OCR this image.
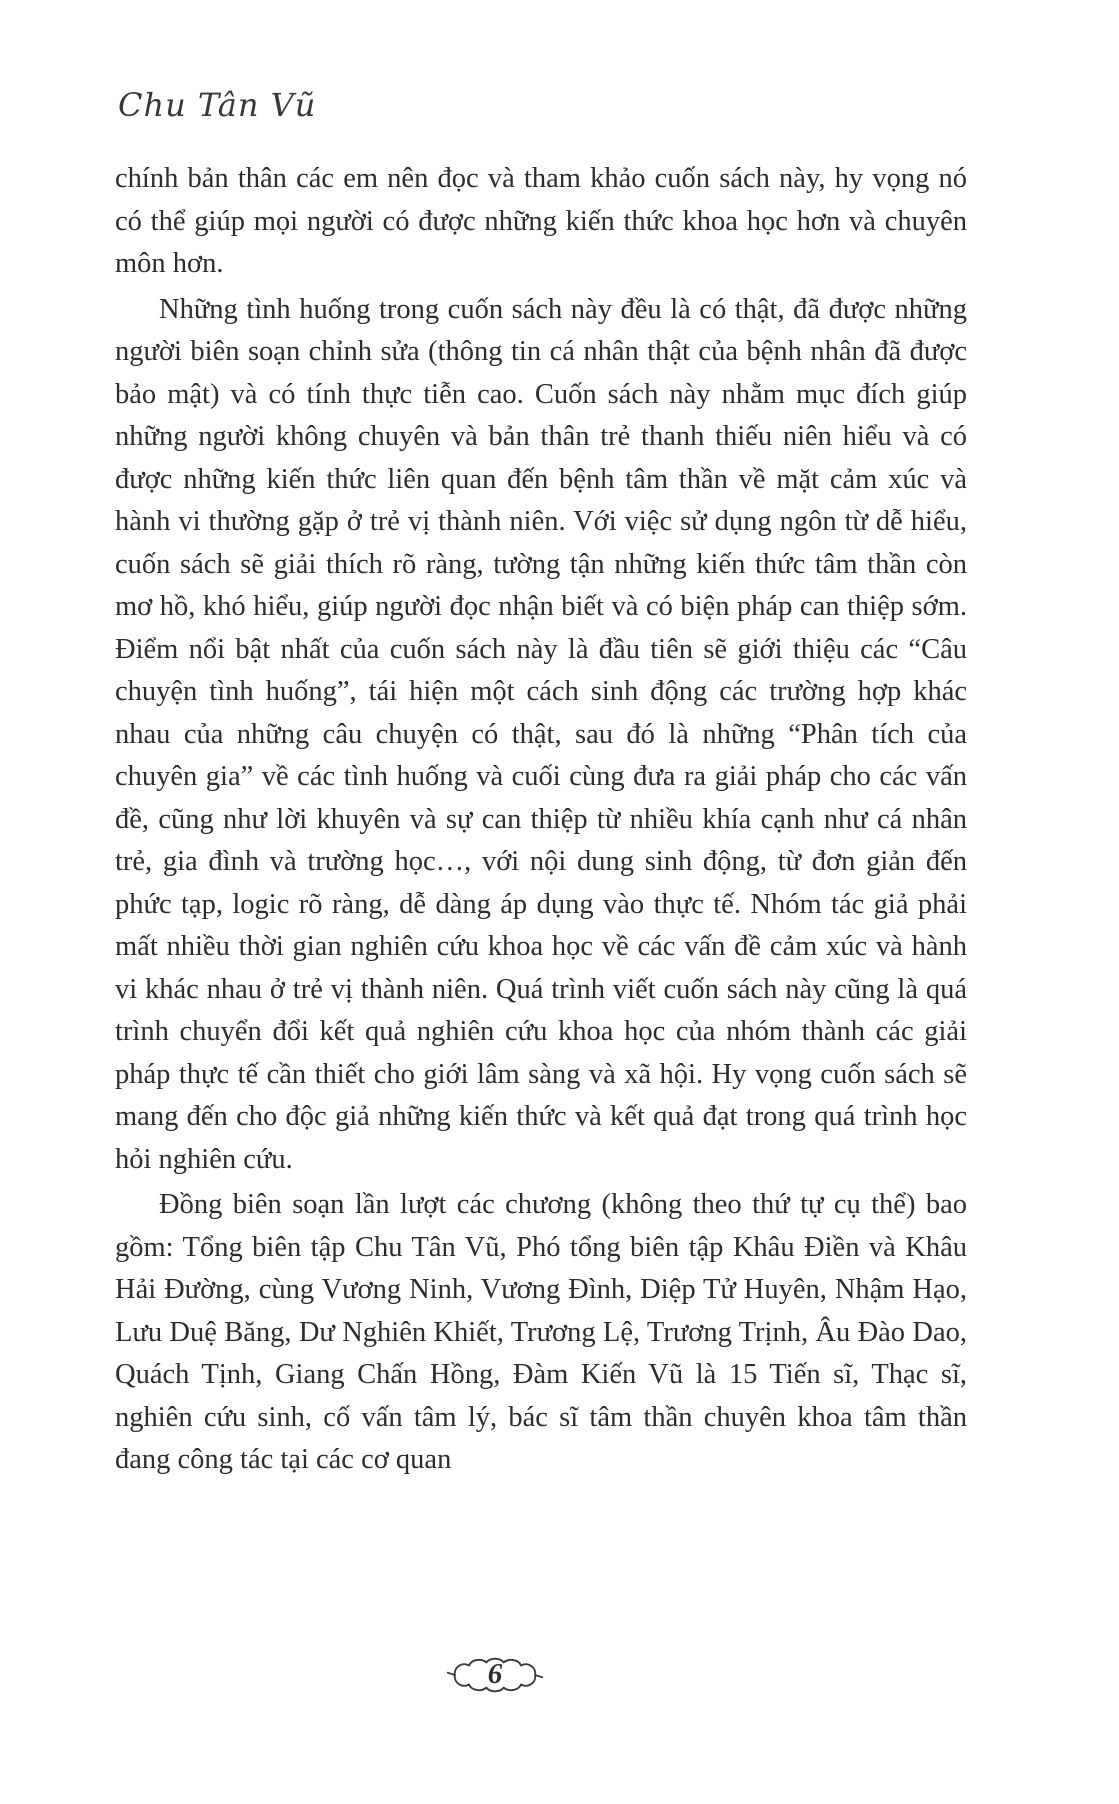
Chu Tân Vũ

chính bản thân các em nên đọc và tham khảo cuốn sách này, hy vọng nó có thể giúp mọi người có được những kiến thức khoa học hơn và chuyên môn hơn.

Những tình huống trong cuốn sách này đều là có thật, đã được những người biên soạn chỉnh sửa (thông tin cá nhân thật của bệnh nhân đã được bảo mật) và có tính thực tiễn cao. Cuốn sách này nhằm mục đích giúp những người không chuyên và bản thân trẻ thanh thiếu niên hiểu và có được những kiến thức liên quan đến bệnh tâm thần về mặt cảm xúc và hành vi thường gặp ở trẻ vị thành niên. Với việc sử dụng ngôn từ dễ hiểu, cuốn sách sẽ giải thích rõ ràng, tường tận những kiến thức tâm thần còn mơ hồ, khó hiểu, giúp người đọc nhận biết và có biện pháp can thiệp sớm. Điểm nổi bật nhất của cuốn sách này là đầu tiên sẽ giới thiệu các “Câu chuyện tình huống”, tái hiện một cách sinh động các trường hợp khác nhau của những câu chuyện có thật, sau đó là những “Phân tích của chuyên gia” về các tình huống và cuối cùng đưa ra giải pháp cho các vấn đề, cũng như lời khuyên và sự can thiệp từ nhiều khía cạnh như cá nhân trẻ, gia đình và trường học…, với nội dung sinh động, từ đơn giản đến phức tạp, logic rõ ràng, dễ dàng áp dụng vào thực tế. Nhóm tác giả phải mất nhiều thời gian nghiên cứu khoa học về các vấn đề cảm xúc và hành vi khác nhau ở trẻ vị thành niên. Quá trình viết cuốn sách này cũng là quá trình chuyển đổi kết quả nghiên cứu khoa học của nhóm thành các giải pháp thực tế cần thiết cho giới lâm sàng và xã hội. Hy vọng cuốn sách sẽ mang đến cho độc giả những kiến thức và kết quả đạt trong quá trình học hỏi nghiên cứu.

Đồng biên soạn lần lượt các chương (không theo thứ tự cụ thể) bao gồm: Tổng biên tập Chu Tân Vũ, Phó tổng biên tập Khâu Điền và Khâu Hải Đường, cùng Vương Ninh, Vương Đình, Diệp Tử Huyên, Nhậm Hạo, Lưu Duệ Băng, Dư Nghiên Khiết, Trương Lệ, Trương Trịnh, Âu Đào Dao, Quách Tịnh, Giang Chấn Hồng, Đàm Kiến Vũ là 15 Tiến sĩ, Thạc sĩ, nghiên cứu sinh, cố vấn tâm lý, bác sĩ tâm thần chuyên khoa tâm thần đang công tác tại các cơ quan

6
